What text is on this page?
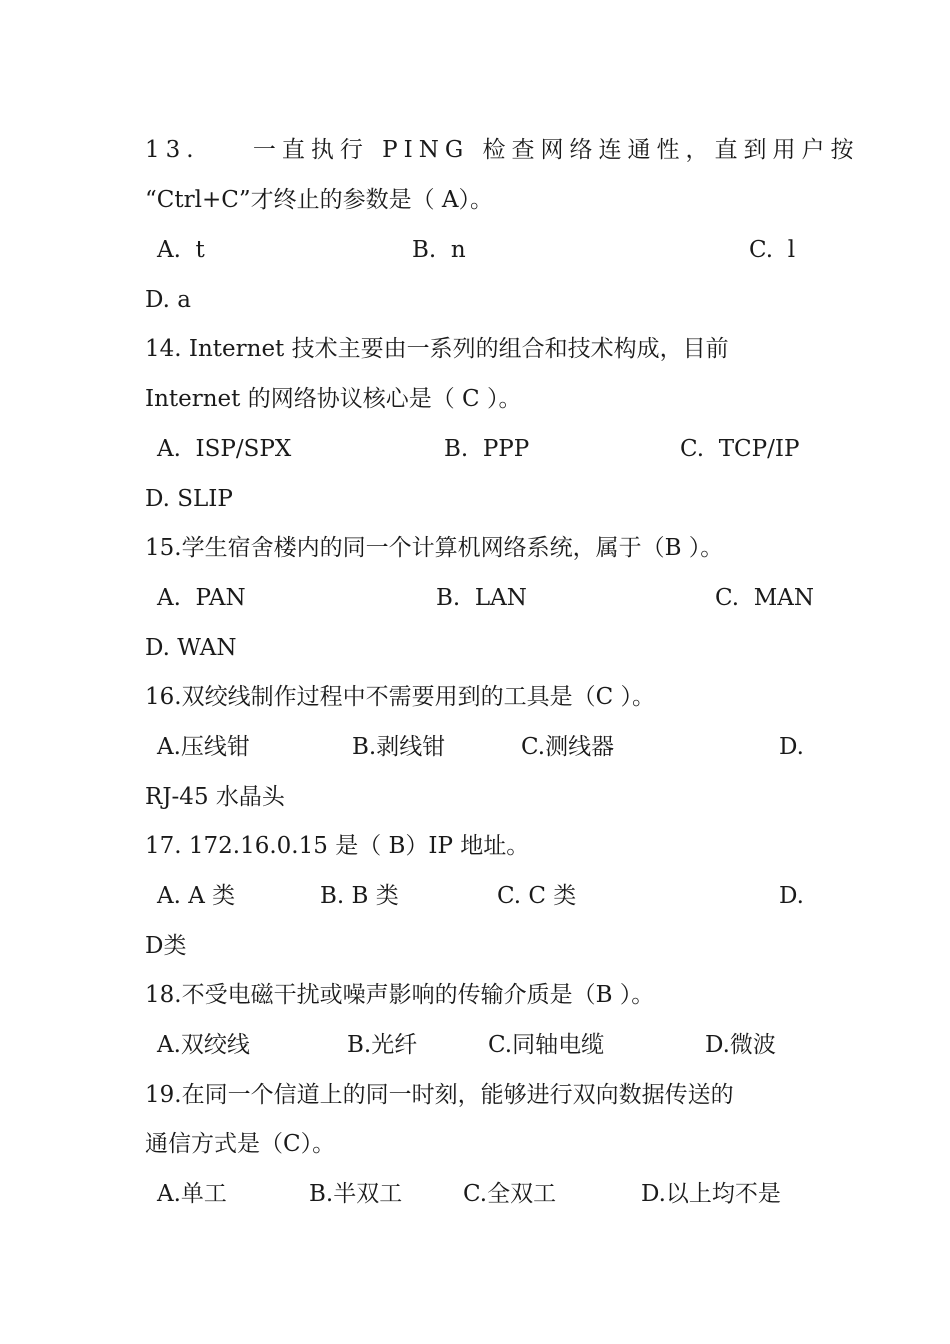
13.    一直执行 PING 检查网络连通性，直到用户按
“Ctrl+C”才终止的参数是（ A）。
A.  t	B.  n	C.  l
D. a
14. Internet 技术主要由一系列的组合和技术构成，目前
Internet 的网络协议核心是（ C ）。
A.  ISP/SPX	B.  PPP	C.  TCP/IP
D. SLIP
15.学生宿舍楼内的同一个计算机网络系统，属于（B ）。
A.  PAN	B.  LAN	C.  MAN
D. WAN
16.双绞线制作过程中不需要用到的工具是（C ）。
A.压线钳	B.剥线钳	C.测线器	D.
RJ-45 水晶头
17. 172.16.0.15 是（ B）IP 地址。
A. A 类	B. B 类	C. C 类	D.
D类
18.不受电磁干扰或噪声影响的传输介质是（B ）。
A.双绞线	B.光纤	C.同轴电缆	D.微波
19.在同一个信道上的同一时刻，能够进行双向数据传送的
通信方式是（C）。
A.单工	B.半双工	C.全双工	D.以上均不是
